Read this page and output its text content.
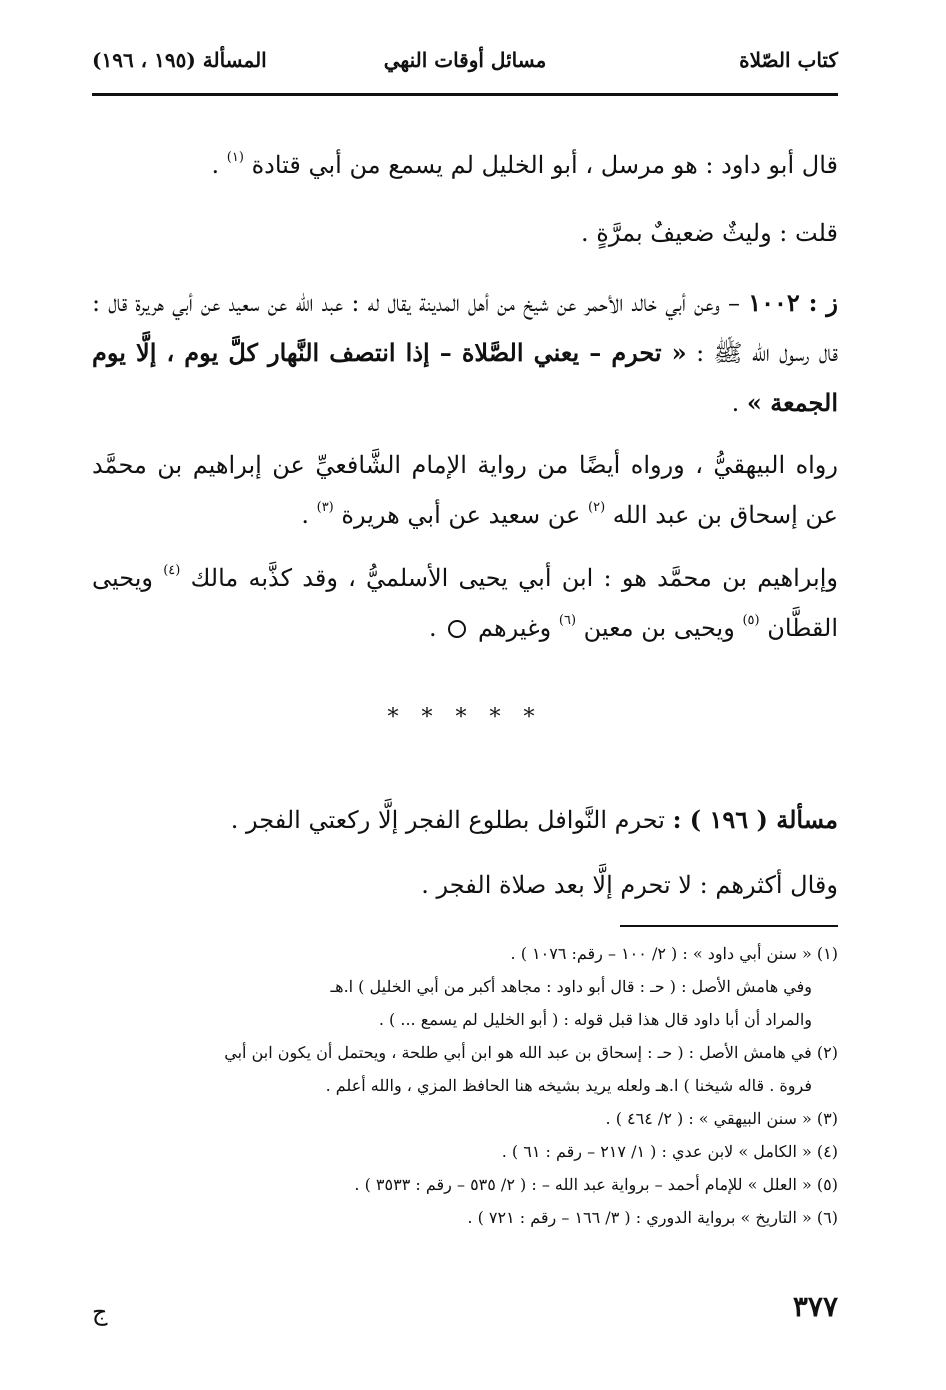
كتاب الصّلاة
مسائل أوقات النهي
المسألة (١٩٥ ، ١٩٦)
قال أبو داود : هو مرسل ، أبو الخليل لم يسمع من أبي قتادة $^{(١)}$ .
قلت : وليثٌ ضعيفٌ بمرَّةٍ .
ز : ١٠٠٢ – وعن أبي خالد الأحمر عن شيخ من أهل المدينة يقال له : عبد الله عن سعيد عن أبي هريرة قال : قال رسول الله ﷺ : « تحرم – يعني الصَّلاة – إذا انتصف النَّهار كلَّ يوم ، إلَّا يوم الجمعة » .
رواه البيهقيُّ ، ورواه أيضًا من رواية الإمام الشَّافعيِّ عن إبراهيم بن محمَّد عن إسحاق بن عبد الله $^{(٢)}$ عن سعيد عن أبي هريرة $^{(٣)}$ .
وإبراهيم بن محمَّد هو : ابن أبي يحيى الأسلميُّ ، وقد كذَّبه مالك $^{(٤)}$ ويحيى القطَّان $^{(٥)}$ ويحيى بن معين $^{(٦)}$ وغيرهم  .
* * * * *
مسألة ( ١٩٦ ) : تحرم النَّوافل بطلوع الفجر إلَّا ركعتي الفجر .
وقال أكثرهم : لا تحرم إلَّا بعد صلاة الفجر .
(١) « سنن أبي داود » : ( ٢/ ١٠٠ – رقم: ١٠٧٦ ) .
وفي هامش الأصل : ( حـ : قال أبو داود : مجاهد أكبر من أبي الخليل ) ا.هـ
والمراد أن أبا داود قال هذا قبل قوله : ( أبو الخليل لم يسمع ... ) .
(٢) في هامش الأصل : ( حـ : إسحاق بن عبد الله هو ابن أبي طلحة ، ويحتمل أن يكون ابن أبي
فروة . قاله شيخنا ) ا.هـ ولعله يريد بشيخه هنا الحافظ المزي ، والله أعلم .
(٣) « سنن البيهقي » : ( ٢/ ٤٦٤ ) .
(٤) « الكامل » لابن عدي : ( ١/ ٢١٧ – رقم : ٦١ ) .
(٥) « العلل » للإمام أحمد – برواية عبد الله – : ( ٢/ ٥٣٥ – رقم : ٣٥٣٣ ) .
(٦) « التاريخ » برواية الدوري : ( ٣/ ١٦٦ – رقم : ٧٢١ ) .
٣٧٧
ج
